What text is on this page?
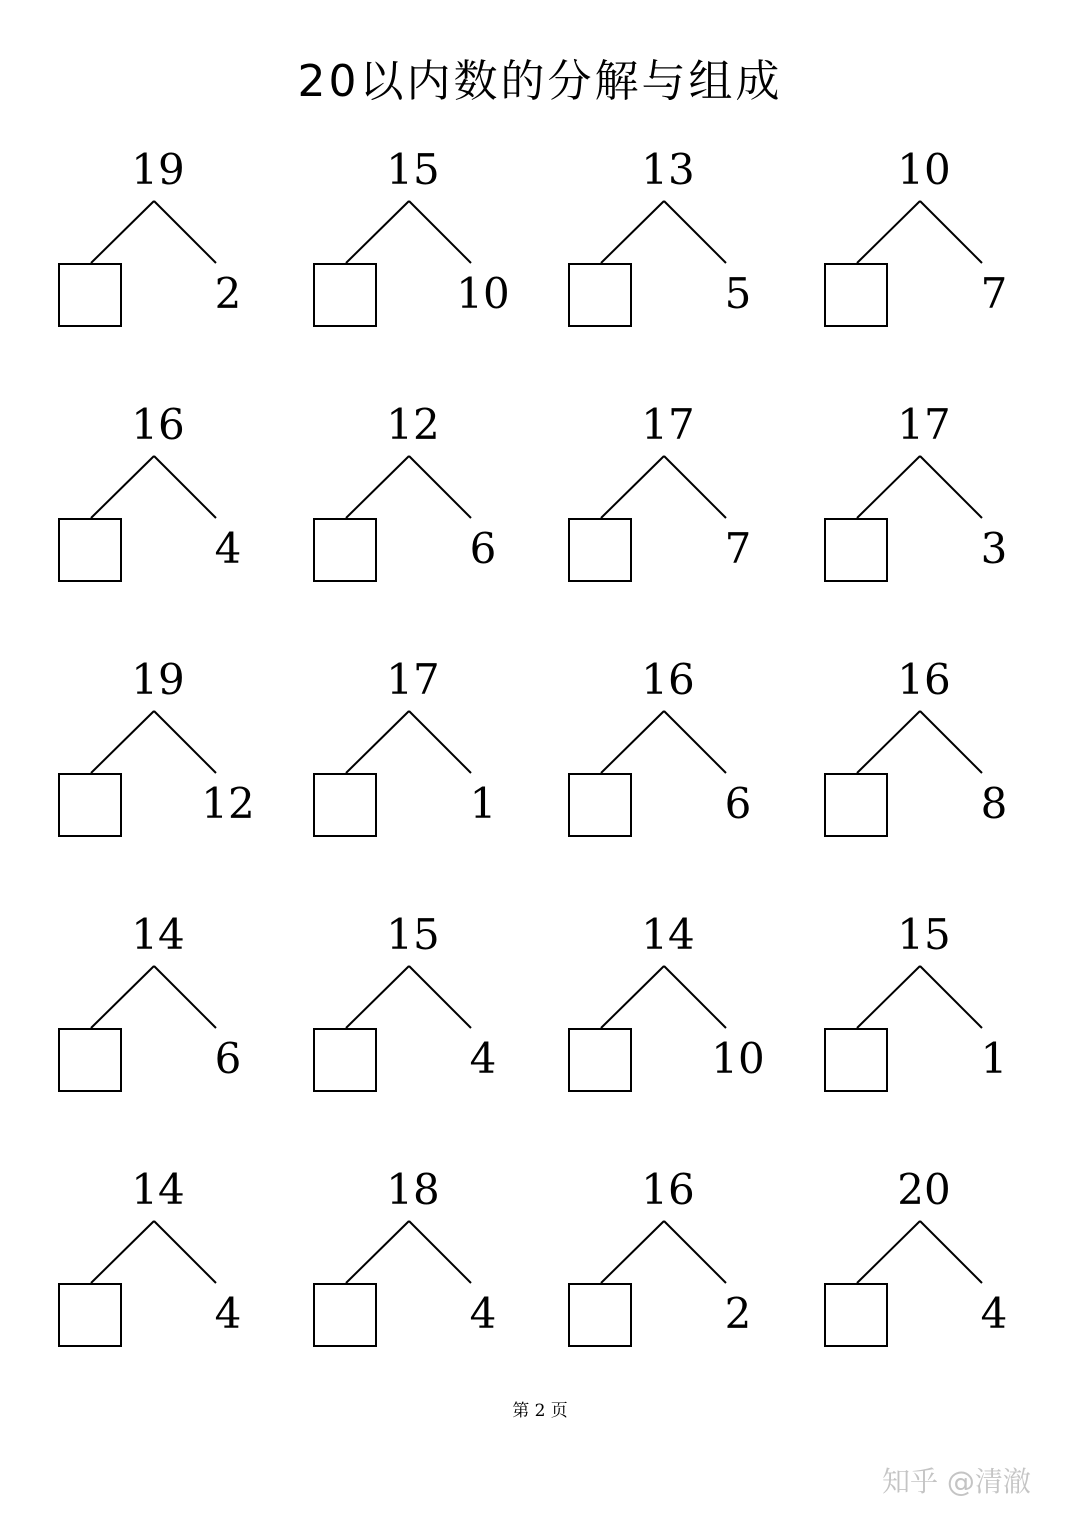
20以内数的分解与组成
19
2
15
10
13
5
10
7
16
4
12
6
17
7
17
3
19
12
17
1
16
6
16
8
14
6
15
4
14
10
15
1
14
4
18
4
16
2
20
4
第 2 页
知乎 @清澈
